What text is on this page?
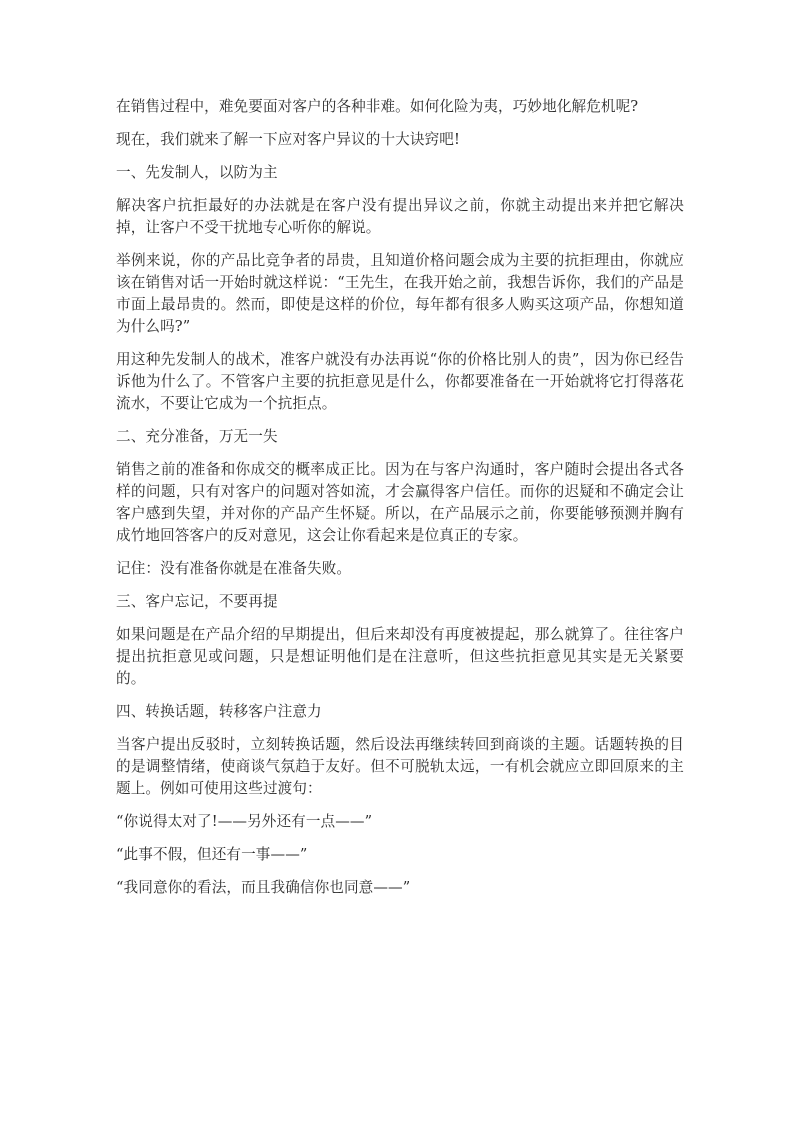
在销售过程中，难免要面对客户的各种非难。如何化险为夷，巧妙地化解危机呢?

现在，我们就来了解一下应对客户异议的十大诀窍吧!

一、先发制人，以防为主

解决客户抗拒最好的办法就是在客户没有提出异议之前，你就主动提出来并把它解决掉，让客户不受干扰地专心听你的解说。

举例来说，你的产品比竞争者的昂贵，且知道价格问题会成为主要的抗拒理由，你就应该在销售对话一开始时就这样说：“王先生，在我开始之前，我想告诉你，我们的产品是市面上最昂贵的。然而，即使是这样的价位，每年都有很多人购买这项产品，你想知道为什么吗?”

用这种先发制人的战术，准客户就没有办法再说“你的价格比别人的贵”，因为你已经告诉他为什么了。不管客户主要的抗拒意见是什么，你都要准备在一开始就将它打得落花流水，不要让它成为一个抗拒点。

二、充分准备，万无一失

销售之前的准备和你成交的概率成正比。因为在与客户沟通时，客户随时会提出各式各样的问题，只有对客户的问题对答如流，才会赢得客户信任。而你的迟疑和不确定会让客户感到失望，并对你的产品产生怀疑。所以，在产品展示之前，你要能够预测并胸有成竹地回答客户的反对意见，这会让你看起来是位真正的专家。

记住：没有准备你就是在准备失败。

三、客户忘记，不要再提

如果问题是在产品介绍的早期提出，但后来却没有再度被提起，那么就算了。往往客户提出抗拒意见或问题，只是想证明他们是在注意听，但这些抗拒意见其实是无关紧要的。

四、转换话题，转移客户注意力

当客户提出反驳时，立刻转换话题，然后设法再继续转回到商谈的主题。话题转换的目的是调整情绪，使商谈气氛趋于友好。但不可脱轨太远，一有机会就应立即回原来的主题上。例如可使用这些过渡句：

“你说得太对了!——另外还有一点——”

“此事不假，但还有一事——”

“我同意你的看法，而且我确信你也同意——”
